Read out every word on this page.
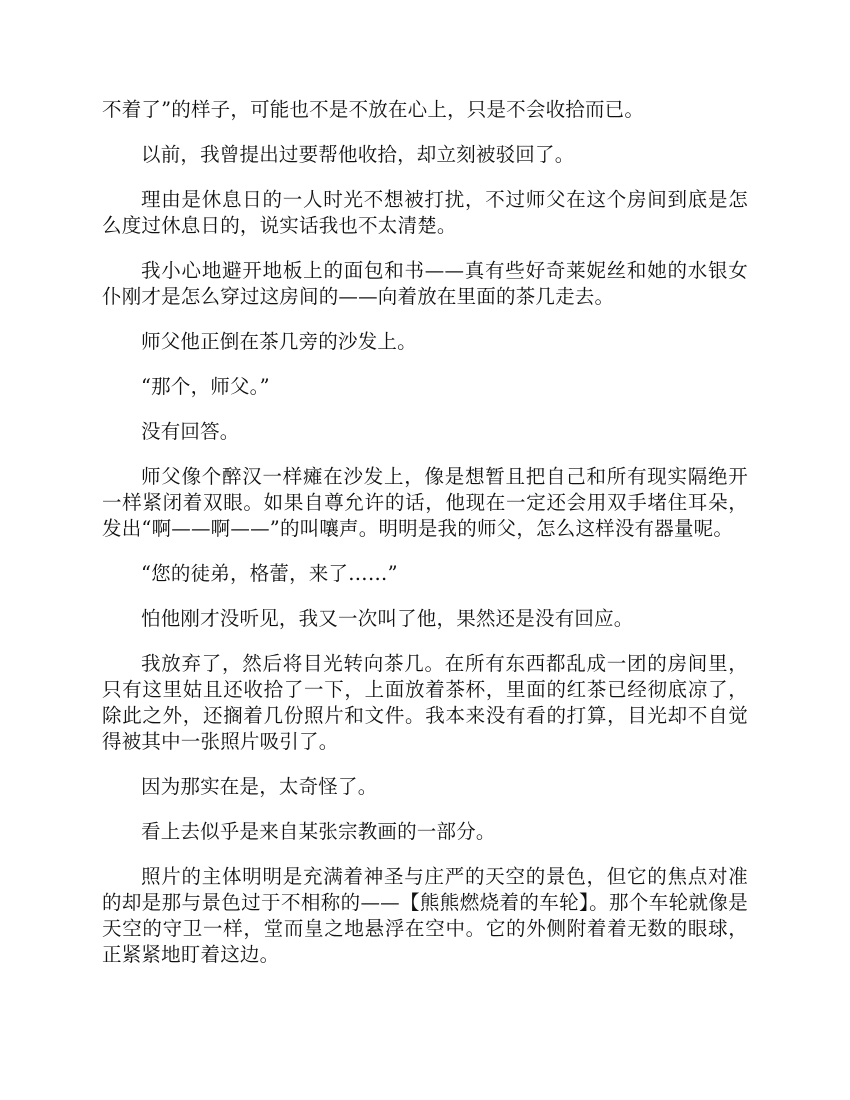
不着了”的样子，可能也不是不放在心上，只是不会收拾而已。

以前，我曾提出过要帮他收拾，却立刻被驳回了。

理由是休息日的一人时光不想被打扰，不过师父在这个房间到底是怎么度过休息日的，说实话我也不太清楚。

我小心地避开地板上的面包和书——真有些好奇莱妮丝和她的水银女仆刚才是怎么穿过这房间的——向着放在里面的茶几走去。

师父他正倒在茶几旁的沙发上。

“那个，师父。”

没有回答。

师父像个醉汉一样瘫在沙发上，像是想暂且把自己和所有现实隔绝开一样紧闭着双眼。如果自尊允许的话，他现在一定还会用双手堵住耳朵，发出“啊——啊——”的叫嚷声。明明是我的师父，怎么这样没有器量呢。

“您的徒弟，格蕾，来了……”

怕他刚才没听见，我又一次叫了他，果然还是没有回应。

我放弃了，然后将目光转向茶几。在所有东西都乱成一团的房间里，只有这里姑且还收拾了一下，上面放着茶杯，里面的红茶已经彻底凉了，除此之外，还搁着几份照片和文件。我本来没有看的打算，目光却不自觉得被其中一张照片吸引了。

因为那实在是，太奇怪了。

看上去似乎是来自某张宗教画的一部分。

照片的主体明明是充满着神圣与庄严的天空的景色，但它的焦点对准的却是那与景色过于不相称的——【熊熊燃烧着的车轮】。那个车轮就像是天空的守卫一样，堂而皇之地悬浮在空中。它的外侧附着着无数的眼球，正紧紧地盯着这边。
